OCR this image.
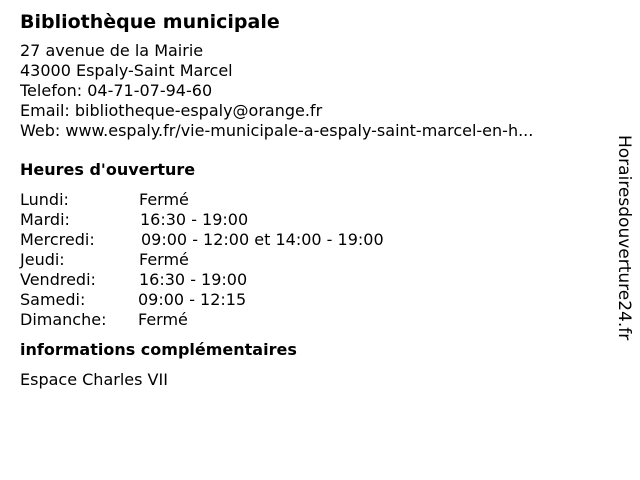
Bibliothèque municipale
27 avenue de la Mairie
43000 Espaly-Saint Marcel
Telefon: 04-71-07-94-60
Email: bibliotheque-espaly@orange.fr
Web: www.espaly.fr/vie-municipale-a-espaly-saint-marcel-en-h...
Heures d'ouverture
Lundi:	Fermé
Mardi:	16:30 - 19:00
Mercredi:	09:00 - 12:00 et 14:00 - 19:00
Jeudi:	Fermé
Vendredi:	16:30 - 19:00
Samedi:	09:00 - 12:15
Dimanche: Fermé
informations complémentaires
Espace Charles VII
Horairesdouverture24.fr
